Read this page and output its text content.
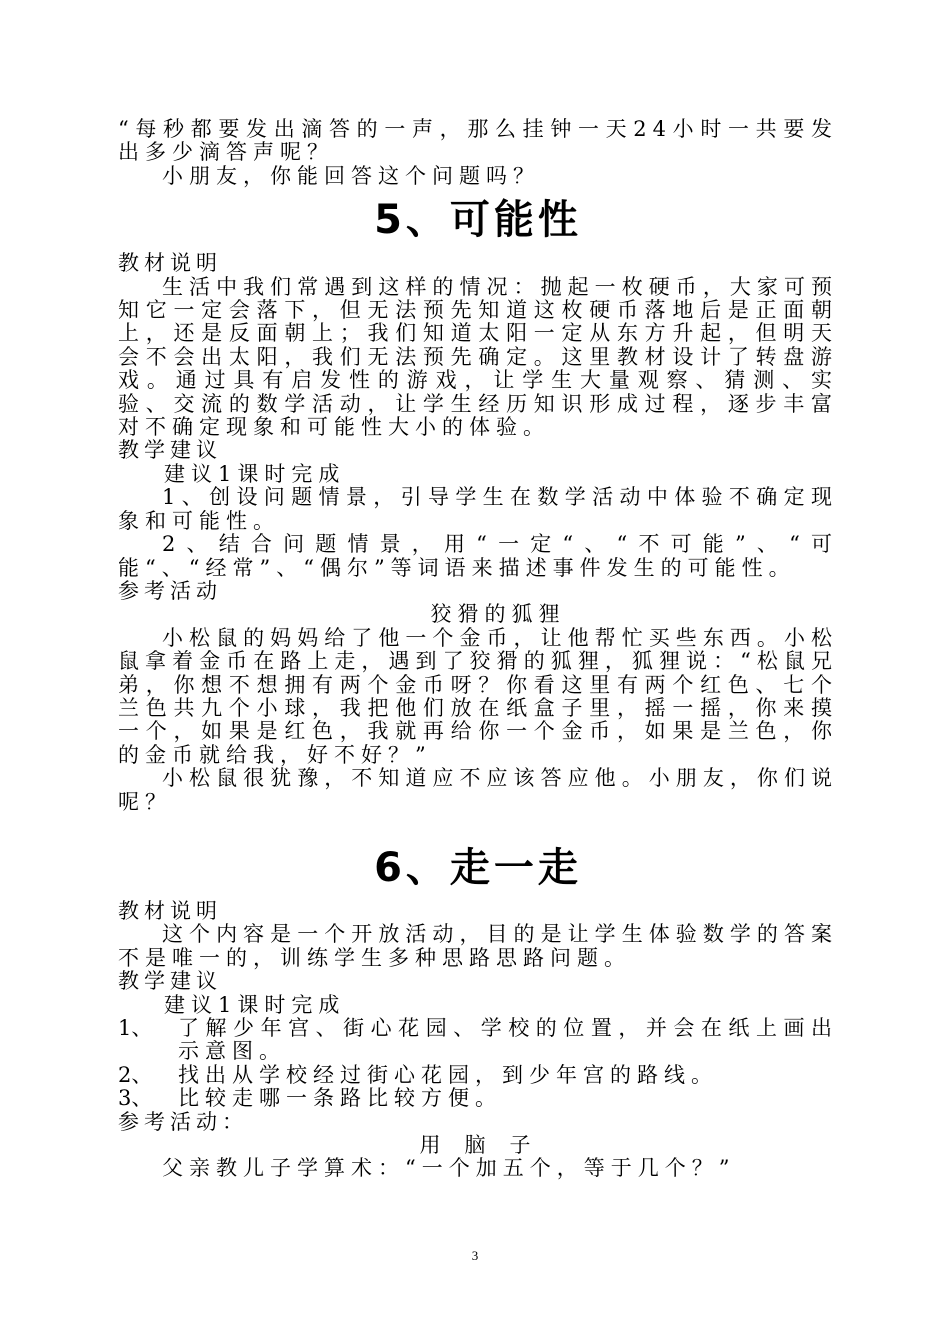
“每秒都要发出滴答的一声，那么挂钟一天24小时一共要发出多少滴答声呢？

小朋友，你能回答这个问题吗？

5、可能性

教材说明

生活中我们常遇到这样的情况：抛起一枚硬币，大家可预知它一定会落下，但无法预先知道这枚硬币落地后是正面朝上，还是反面朝上；我们知道太阳一定从东方升起，但明天会不会出太阳，我们无法预先确定。这里教材设计了转盘游戏。通过具有启发性的游戏，让学生大量观察、猜测、实验、交流的数学活动，让学生经历知识形成过程，逐步丰富对不确定现象和可能性大小的体验。

教学建议

建议1课时完成

1、创设问题情景，引导学生在数学活动中体验不确定现象和可能性。

2、结合问题情景，用“一定“、“不可能”、“可能“、“经常”、“偶尔”等词语来描述事件发生的可能性。

参考活动

狡猾的狐狸

小松鼠的妈妈给了他一个金币，让他帮忙买些东西。小松鼠拿着金币在路上走，遇到了狡猾的狐狸，狐狸说：“松鼠兄弟，你想不想拥有两个金币呀？你看这里有两个红色、七个兰色共九个小球，我把他们放在纸盒子里，摇一摇，你来摸一个，如果是红色，我就再给你一个金币，如果是兰色，你的金币就给我，好不好？”

小松鼠很犹豫，不知道应不应该答应他。小朋友，你们说呢？

6、走一走

教材说明

这个内容是一个开放活动，目的是让学生体验数学的答案不是唯一的，训练学生多种思路思路问题。

教学建议

建议1课时完成

1、	了解少年宫、街心花园、学校的位置，并会在纸上画出示意图。
2、	找出从学校经过街心花园，到少年宫的路线。
3、	比较走哪一条路比较方便。

参考活动：

用脑子

父亲教儿子学算术：“一个加五个，等于几个？”

3
